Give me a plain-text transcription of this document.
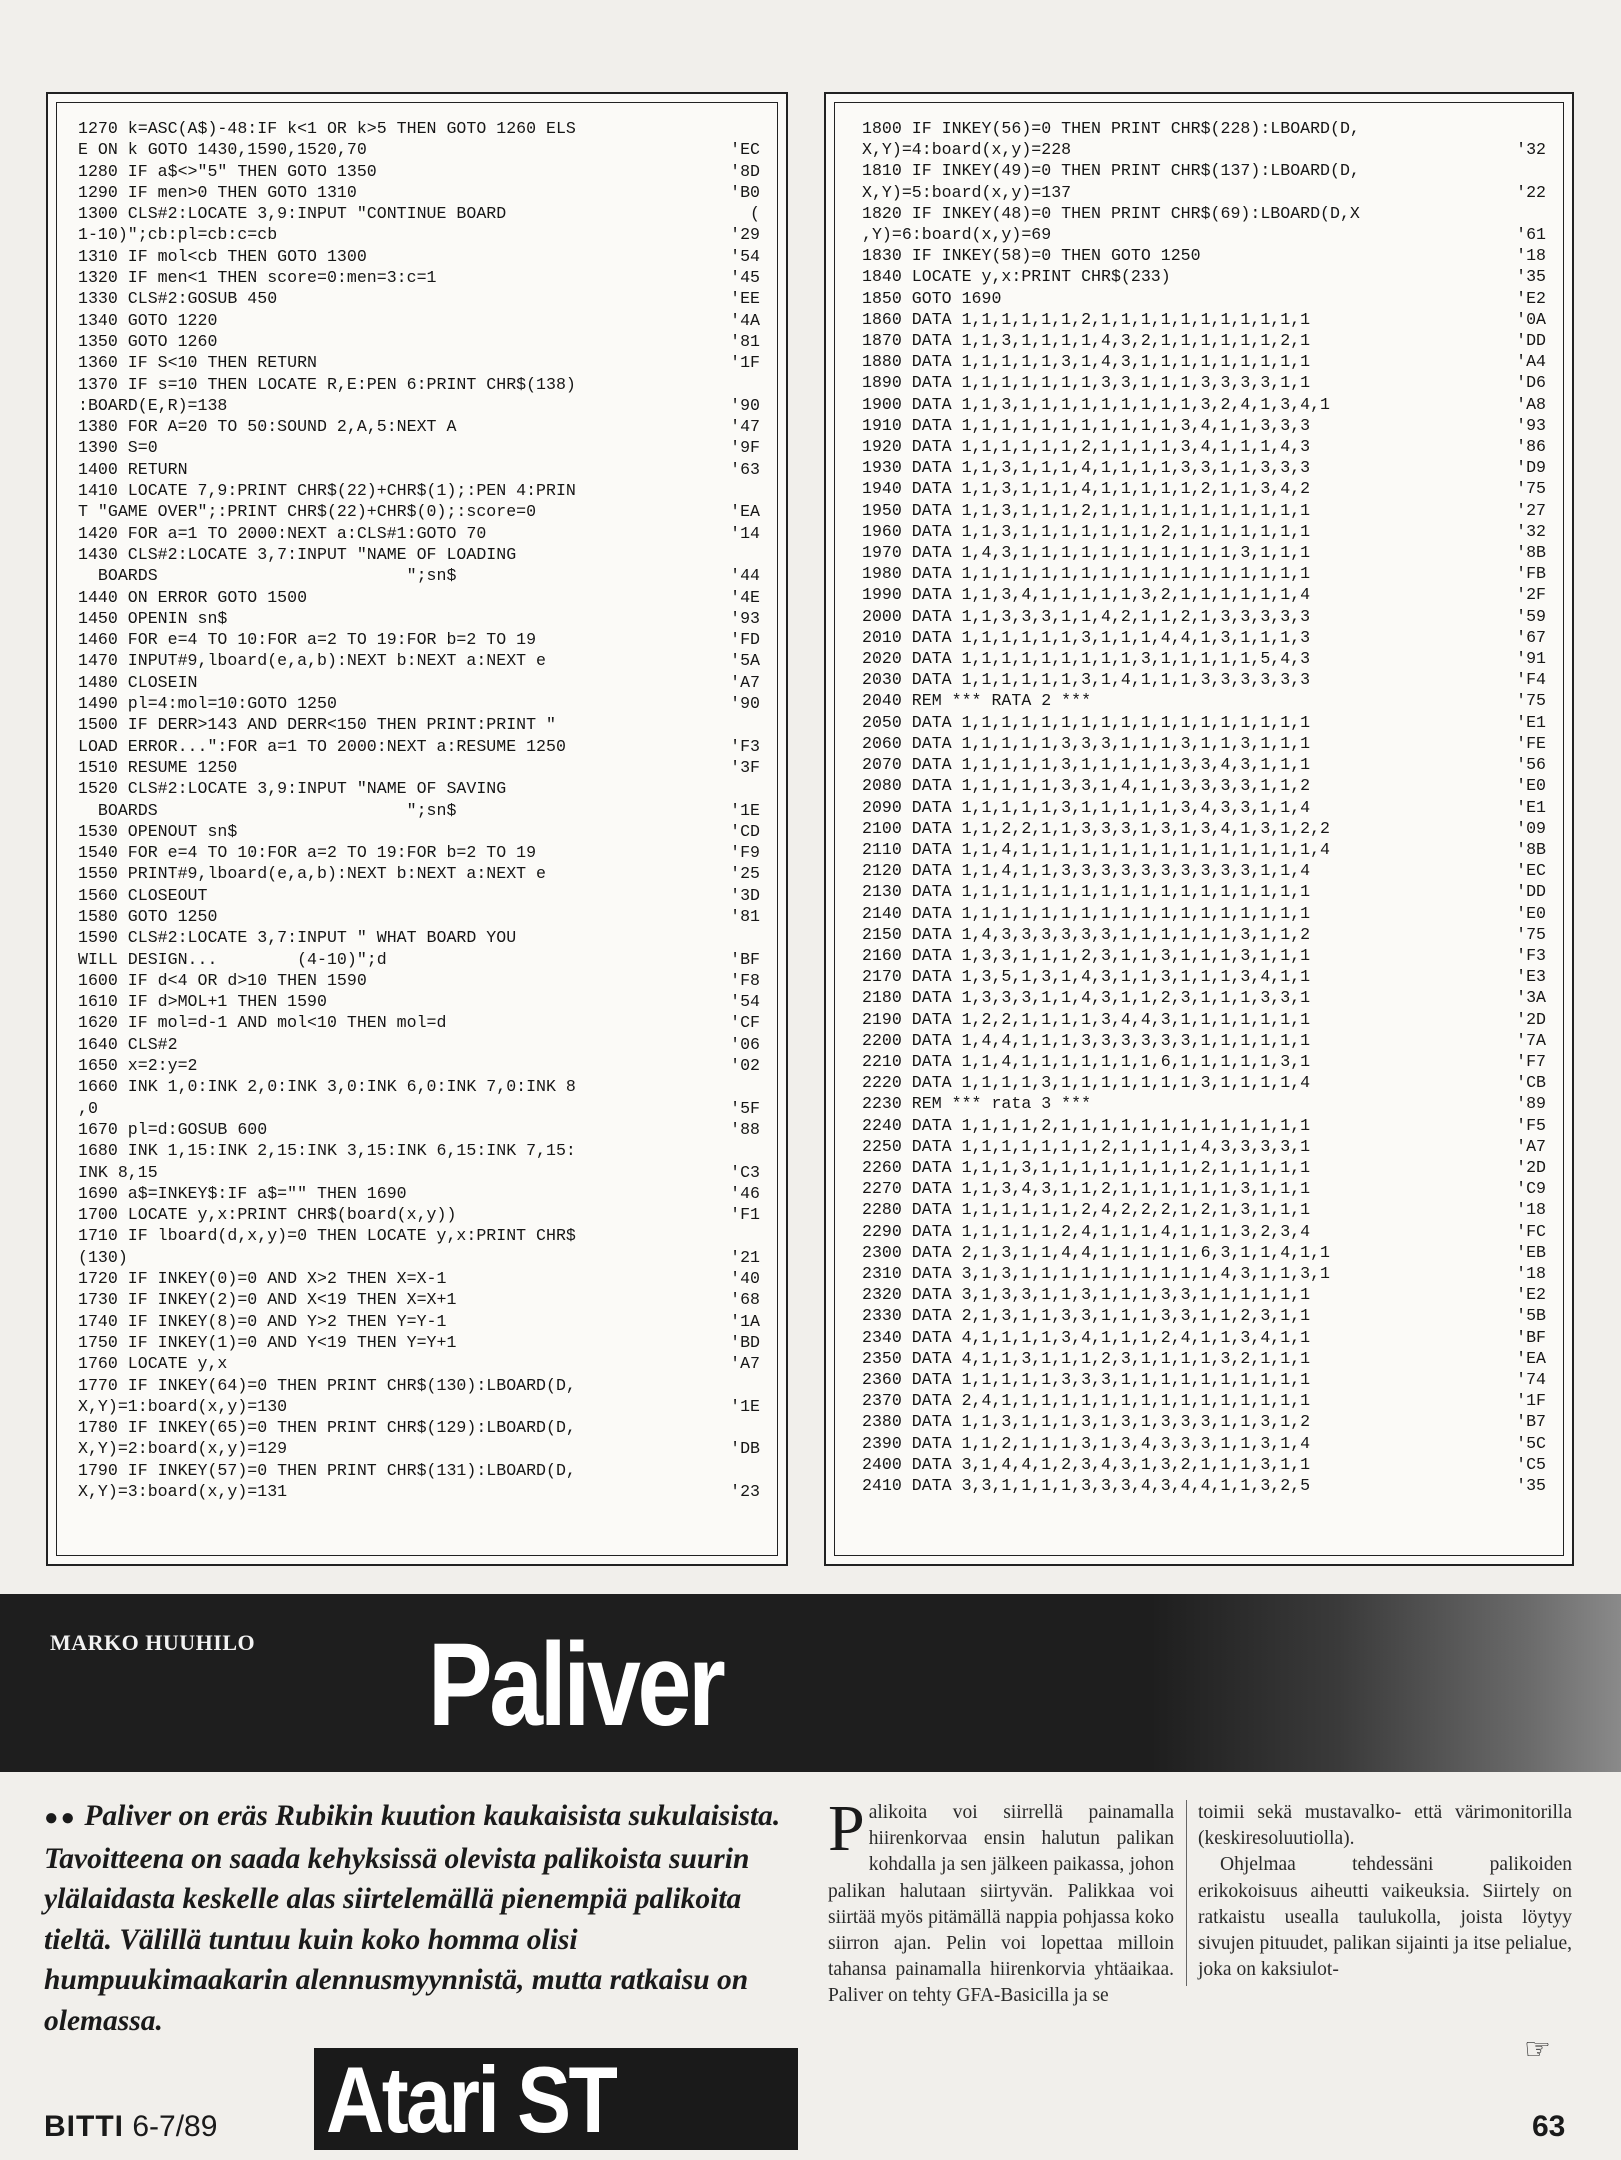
1270 k=ASC(A$)-48:IF k<1 OR k>5 THEN GOTO 1260 ELS
E ON k GOTO 1430,1590,1520,70	'EC
1280 IF a$<>"5" THEN GOTO 1350	'8D
1290 IF men>0 THEN GOTO 1310	'B0
1300 CLS#2:LOCATE 3,9:INPUT "CONTINUE BOARD	(
1-10)";cb:pl=cb:c=cb	'29
1310 IF mol<cb THEN GOTO 1300	'54
1320 IF men<1 THEN score=0:men=3:c=1	'45
1330 CLS#2:GOSUB 450	'EE
1340 GOTO 1220	'4A
1350 GOTO 1260	'81
1360 IF S<10 THEN RETURN	'1F
1370 IF s=10 THEN LOCATE R,E:PEN 6:PRINT CHR$(138)
:BOARD(E,R)=138	'90
1380 FOR A=20 TO 50:SOUND 2,A,5:NEXT A	'47
1390 S=0	'9F
1400 RETURN	'63
1410 LOCATE 7,9:PRINT CHR$(22)+CHR$(1);:PEN 4:PRIN
T "GAME OVER";:PRINT CHR$(22)+CHR$(0);:score=0	'EA
1420 FOR a=1 TO 2000:NEXT a:CLS#1:GOTO 70	'14
1430 CLS#2:LOCATE 3,7:INPUT "NAME OF LOADING
BOARDS                         ";sn$	'44
1440 ON ERROR GOTO 1500	'4E
1450 OPENIN sn$	'93
1460 FOR e=4 TO 10:FOR a=2 TO 19:FOR b=2 TO 19	'FD
1470 INPUT#9,lboard(e,a,b):NEXT b:NEXT a:NEXT e	'5A
1480 CLOSEIN	'A7
1490 pl=4:mol=10:GOTO 1250	'90
1500 IF DERR>143 AND DERR<150 THEN PRINT:PRINT "
LOAD ERROR...":FOR a=1 TO 2000:NEXT a:RESUME 1250	'F3
1510 RESUME 1250	'3F
1520 CLS#2:LOCATE 3,9:INPUT "NAME OF SAVING
BOARDS                         ";sn$	'1E
1530 OPENOUT sn$	'CD
1540 FOR e=4 TO 10:FOR a=2 TO 19:FOR b=2 TO 19	'F9
1550 PRINT#9,lboard(e,a,b):NEXT b:NEXT a:NEXT e	'25
1560 CLOSEOUT	'3D
1580 GOTO 1250	'81
1590 CLS#2:LOCATE 3,7:INPUT " WHAT BOARD YOU
WILL DESIGN...        (4-10)";d	'BF
1600 IF d<4 OR d>10 THEN 1590	'F8
1610 IF d>MOL+1 THEN 1590	'54
1620 IF mol=d-1 AND mol<10 THEN mol=d	'CF
1640 CLS#2	'06
1650 x=2:y=2	'02
1660 INK 1,0:INK 2,0:INK 3,0:INK 6,0:INK 7,0:INK 8
,0	'5F
1670 pl=d:GOSUB 600	'88
1680 INK 1,15:INK 2,15:INK 3,15:INK 6,15:INK 7,15:
INK 8,15	'C3
1690 a$=INKEY$:IF a$="" THEN 1690	'46
1700 LOCATE y,x:PRINT CHR$(board(x,y))	'F1
1710 IF lboard(d,x,y)=0 THEN LOCATE y,x:PRINT CHR$
(130)	'21
1720 IF INKEY(0)=0 AND X>2 THEN X=X-1	'40
1730 IF INKEY(2)=0 AND X<19 THEN X=X+1	'68
1740 IF INKEY(8)=0 AND Y>2 THEN Y=Y-1	'1A
1750 IF INKEY(1)=0 AND Y<19 THEN Y=Y+1	'BD
1760 LOCATE y,x	'A7
1770 IF INKEY(64)=0 THEN PRINT CHR$(130):LBOARD(D,
X,Y)=1:board(x,y)=130	'1E
1780 IF INKEY(65)=0 THEN PRINT CHR$(129):LBOARD(D,
X,Y)=2:board(x,y)=129	'DB
1790 IF INKEY(57)=0 THEN PRINT CHR$(131):LBOARD(D,
X,Y)=3:board(x,y)=131	'23
1800 IF INKEY(56)=0 THEN PRINT CHR$(228):LBOARD(D,
X,Y)=4:board(x,y)=228	'32
1810 IF INKEY(49)=0 THEN PRINT CHR$(137):LBOARD(D,
X,Y)=5:board(x,y)=137	'22
1820 IF INKEY(48)=0 THEN PRINT CHR$(69):LBOARD(D,X
,Y)=6:board(x,y)=69	'61
1830 IF INKEY(58)=0 THEN GOTO 1250	'18
1840 LOCATE y,x:PRINT CHR$(233)	'35
1850 GOTO 1690	'E2
1860 DATA 1,1,1,1,1,1,2,1,1,1,1,1,1,1,1,1,1,1	'0A
1870 DATA 1,1,3,1,1,1,1,4,3,2,1,1,1,1,1,1,2,1	'DD
1880 DATA 1,1,1,1,1,3,1,4,3,1,1,1,1,1,1,1,1,1	'A4
1890 DATA 1,1,1,1,1,1,1,3,3,1,1,1,3,3,3,3,1,1	'D6
1900 DATA 1,1,3,1,1,1,1,1,1,1,1,1,3,2,4,1,3,4,1	'A8
1910 DATA 1,1,1,1,1,1,1,1,1,1,1,3,4,1,1,3,3,3	'93
1920 DATA 1,1,1,1,1,1,2,1,1,1,1,3,4,1,1,1,4,3	'86
1930 DATA 1,1,3,1,1,1,4,1,1,1,1,3,3,1,1,3,3,3	'D9
1940 DATA 1,1,3,1,1,1,4,1,1,1,1,1,2,1,1,3,4,2	'75
1950 DATA 1,1,3,1,1,1,2,1,1,1,1,1,1,1,1,1,1,1	'27
1960 DATA 1,1,3,1,1,1,1,1,1,1,2,1,1,1,1,1,1,1	'32
1970 DATA 1,4,3,1,1,1,1,1,1,1,1,1,1,1,3,1,1,1	'8B
1980 DATA 1,1,1,1,1,1,1,1,1,1,1,1,1,1,1,1,1,1	'FB
1990 DATA 1,1,3,4,1,1,1,1,1,3,2,1,1,1,1,1,1,4	'2F
2000 DATA 1,1,3,3,3,1,1,4,2,1,1,2,1,3,3,3,3,3	'59
2010 DATA 1,1,1,1,1,1,3,1,1,1,4,4,1,3,1,1,1,3	'67
2020 DATA 1,1,1,1,1,1,1,1,1,3,1,1,1,1,1,5,4,3	'91
2030 DATA 1,1,1,1,1,1,3,1,4,1,1,1,3,3,3,3,3,3	'F4
2040 REM *** RATA 2 ***	'75
2050 DATA 1,1,1,1,1,1,1,1,1,1,1,1,1,1,1,1,1,1	'E1
2060 DATA 1,1,1,1,1,3,3,3,1,1,1,3,1,1,3,1,1,1	'FE
2070 DATA 1,1,1,1,1,3,1,1,1,1,1,3,3,4,3,1,1,1	'56
2080 DATA 1,1,1,1,1,3,3,1,4,1,1,3,3,3,3,1,1,2	'E0
2090 DATA 1,1,1,1,1,3,1,1,1,1,1,3,4,3,3,1,1,4	'E1
2100 DATA 1,1,2,2,1,1,3,3,3,1,3,1,3,4,1,3,1,2,2	'09
2110 DATA 1,1,4,1,1,1,1,1,1,1,1,1,1,1,1,1,1,1,4	'8B
2120 DATA 1,1,4,1,1,3,3,3,3,3,3,3,3,3,3,1,1,4	'EC
2130 DATA 1,1,1,1,1,1,1,1,1,1,1,1,1,1,1,1,1,1	'DD
2140 DATA 1,1,1,1,1,1,1,1,1,1,1,1,1,1,1,1,1,1	'E0
2150 DATA 1,4,3,3,3,3,3,3,1,1,1,1,1,1,3,1,1,2	'75
2160 DATA 1,3,3,1,1,1,2,3,1,1,3,1,1,1,3,1,1,1	'F3
2170 DATA 1,3,5,1,3,1,4,3,1,1,3,1,1,1,3,4,1,1	'E3
2180 DATA 1,3,3,3,1,1,4,3,1,1,2,3,1,1,1,3,3,1	'3A
2190 DATA 1,2,2,1,1,1,1,3,4,4,3,1,1,1,1,1,1,1	'2D
2200 DATA 1,4,4,1,1,1,3,3,3,3,3,3,1,1,1,1,1,1	'7A
2210 DATA 1,1,4,1,1,1,1,1,1,1,6,1,1,1,1,1,3,1	'F7
2220 DATA 1,1,1,1,3,1,1,1,1,1,1,1,3,1,1,1,1,4	'CB
2230 REM *** rata 3 ***	'89
2240 DATA 1,1,1,1,2,1,1,1,1,1,1,1,1,1,1,1,1,1	'F5
2250 DATA 1,1,1,1,1,1,1,2,1,1,1,1,4,3,3,3,3,1	'A7
2260 DATA 1,1,1,3,1,1,1,1,1,1,1,1,2,1,1,1,1,1	'2D
2270 DATA 1,1,3,4,3,1,1,2,1,1,1,1,1,1,3,1,1,1	'C9
2280 DATA 1,1,1,1,1,1,2,4,2,2,2,1,2,1,3,1,1,1	'18
2290 DATA 1,1,1,1,1,2,4,1,1,1,4,1,1,1,3,2,3,4	'FC
2300 DATA 2,1,3,1,1,4,4,1,1,1,1,1,6,3,1,1,4,1,1	'EB
2310 DATA 3,1,3,1,1,1,1,1,1,1,1,1,1,4,3,1,1,3,1	'18
2320 DATA 3,1,3,3,1,1,3,1,1,1,3,3,1,1,1,1,1,1	'E2
2330 DATA 2,1,3,1,1,3,3,1,1,1,3,3,1,1,2,3,1,1	'5B
2340 DATA 4,1,1,1,1,3,4,1,1,1,2,4,1,1,3,4,1,1	'BF
2350 DATA 4,1,1,3,1,1,1,2,3,1,1,1,1,3,2,1,1,1	'EA
2360 DATA 1,1,1,1,1,3,3,3,1,1,1,1,1,1,1,1,1,1	'74
2370 DATA 2,4,1,1,1,1,1,1,1,1,1,1,1,1,1,1,1,1	'1F
2380 DATA 1,1,3,1,1,1,3,1,3,1,3,3,3,1,1,3,1,2	'B7
2390 DATA 1,1,2,1,1,1,3,1,3,4,3,3,3,1,1,3,1,4	'5C
2400 DATA 3,1,4,4,1,2,3,4,3,1,3,2,1,1,1,3,1,1	'C5
2410 DATA 3,3,1,1,1,1,3,3,3,4,3,4,4,1,1,3,2,5	'35
MARKO HUUHILO Paliver
●● Paliver on eräs Rubikin kuution kaukaisista sukulaisista. Tavoitteena on saada kehyksissä olevista palikoista suurin ylälaidasta keskelle alas siirtelemällä pienempiä palikoita tieltä. Välillä tuntuu kuin koko homma olisi humpuukimaakarin alennusmyynnistä, mutta ratkaisu on olemassa.
Palikoita voi siirrellä painamalla hiirenkorvaa ensin halutun palikan kohdalla ja sen jälkeen paikassa, johon palikan halutaan siirtyvän. Palikkaa voi siirtää myös pitämällä nappia pohjassa koko siirron ajan. Pelin voi lopettaa milloin tahansa painamalla hiirenkorvia yhtäaikaa. Paliver on tehty GFA-Basicilla ja se
toimii sekä mustavalko- että värimonitorilla (keskiresoluutiolla).
Ohjelmaa tehdessäni palikoiden erikokoisuus aiheutti vaikeuksia. Siirtely on ratkaistu usealla taulukolla, joista löytyy sivujen pituudet, palikan sijainti ja itse pelialue, joka on kaksiulot-
☞
BITTI 6-7/89 Atari ST	63
